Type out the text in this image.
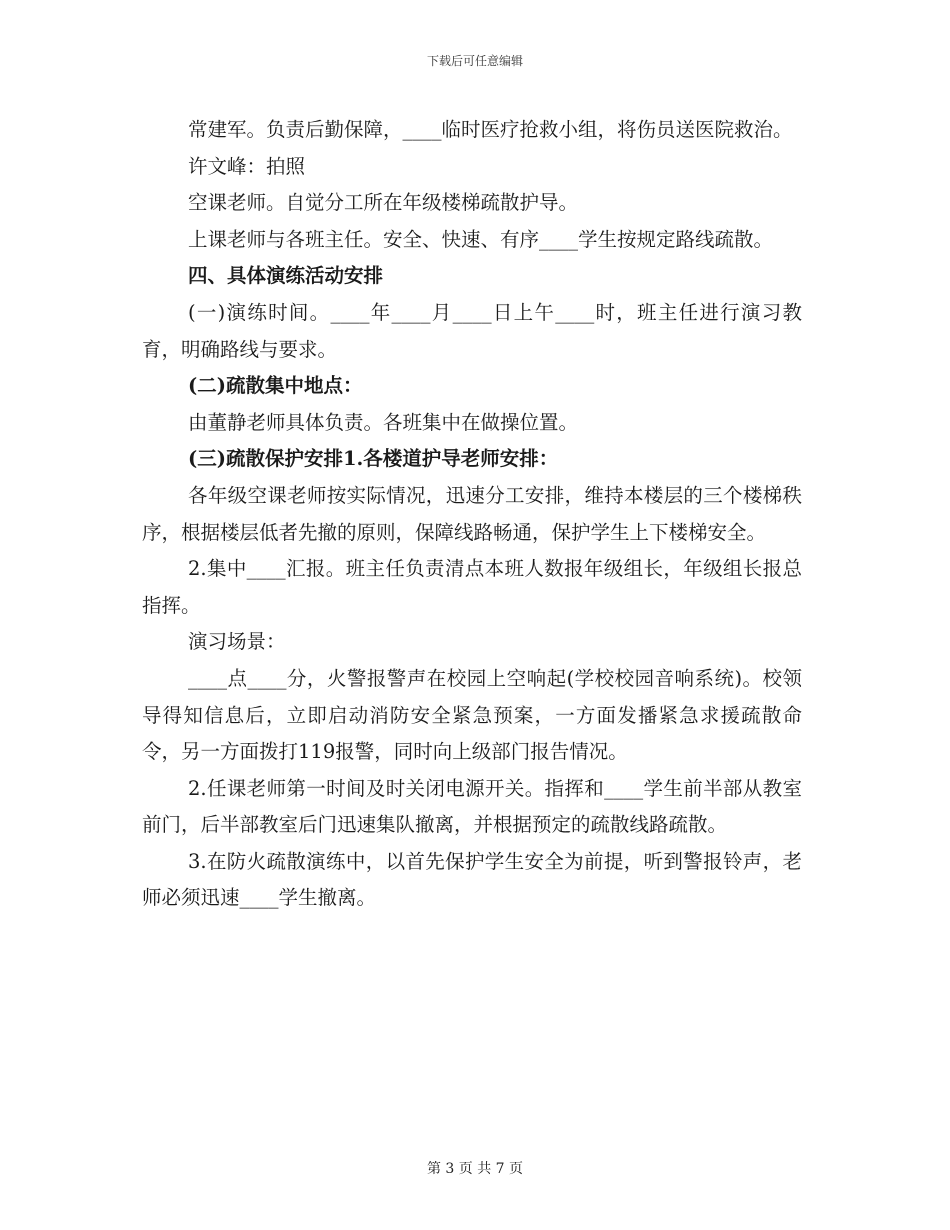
下载后可任意编辑

常建军。负责后勤保障，____临时医疗抢救小组，将伤员送医院救治。

许文峰：拍照

空课老师。自觉分工所在年级楼梯疏散护导。

上课老师与各班主任。安全、快速、有序____学生按规定路线疏散。

四、具体演练活动安排

(一)演练时间。____年____月____日上午____时，班主任进行演习教育，明确路线与要求。

(二)疏散集中地点：

由董静老师具体负责。各班集中在做操位置。

(三)疏散保护安排1.各楼道护导老师安排：

各年级空课老师按实际情况，迅速分工安排，维持本楼层的三个楼梯秩序，根据楼层低者先撤的原则，保障线路畅通，保护学生上下楼梯安全。

2.集中____汇报。班主任负责清点本班人数报年级组长，年级组长报总指挥。

演习场景：

____点____分，火警报警声在校园上空响起(学校校园音响系统)。校领导得知信息后，立即启动消防安全紧急预案，一方面发播紧急求援疏散命令，另一方面拨打119报警，同时向上级部门报告情况。

2.任课老师第一时间及时关闭电源开关。指挥和____学生前半部从教室前门，后半部教室后门迅速集队撤离，并根据预定的疏散线路疏散。

3.在防火疏散演练中，以首先保护学生安全为前提，听到警报铃声，老师必须迅速____学生撤离。

第 3 页 共 7 页
